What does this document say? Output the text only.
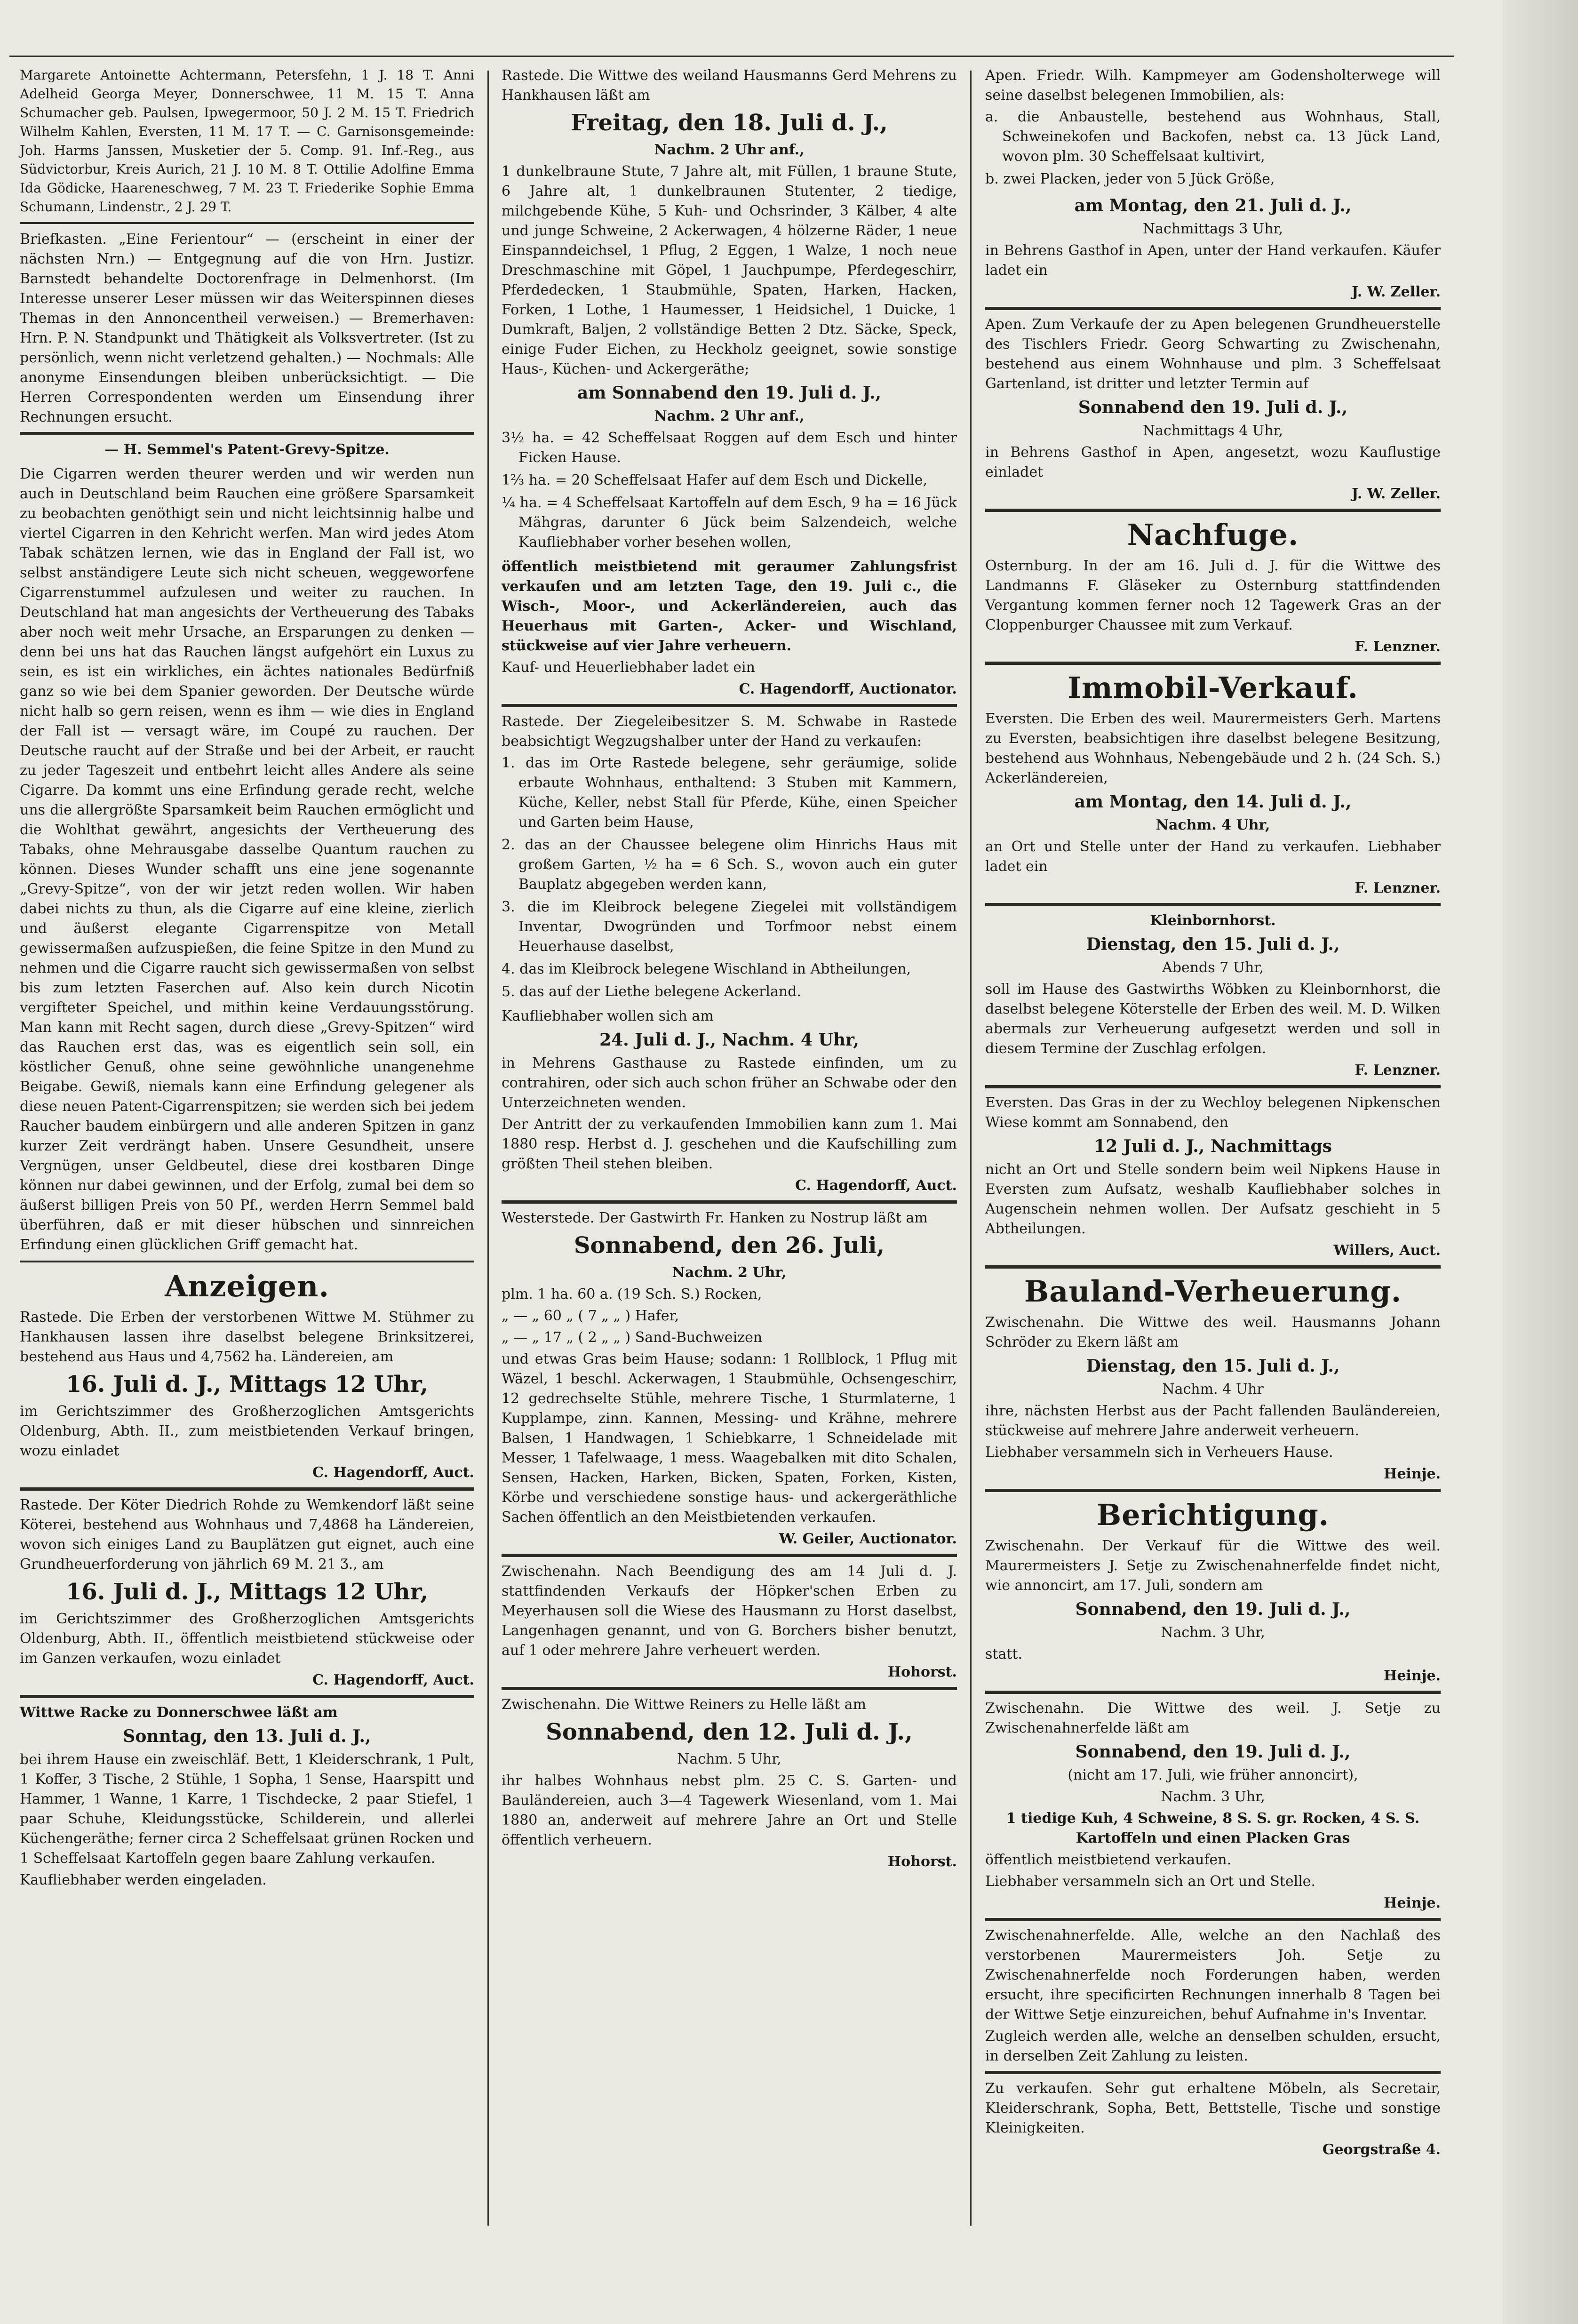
Margarete Antoinette Achtermann, Petersfehn, 1 J. 18 T. Anni Adelheid Georga Meyer, Donnerschwee, 11 M. 15 T. Anna Schumacher geb. Paulsen, Ipwegermoor, 50 J. 2 M. 15 T. Friedrich Wilhelm Kahlen, Eversten, 11 M. 17 T. — C. Garnisonsgemeinde: Joh. Harms Janssen, Musketier der 5. Comp. 91. Inf.-Reg., aus Südvictorbur, Kreis Aurich, 21 J. 10 M. 8 T. Ottilie Adolfine Emma Ida Gödicke, Haareneschweg, 7 M. 23 T. Friederike Sophie Emma Schumann, Lindenstr., 2 J. 29 T.

Briefkasten. „Eine Ferientour“ — (erscheint in einer der nächsten Nrn.) — Entgegnung auf die von Hrn. Justizr. Barnstedt behandelte Doctorenfrage in Delmenhorst. (Im Interesse unserer Leser müssen wir das Weiterspinnen dieses Themas in den Annoncentheil verweisen.) — Bremerhaven: Hrn. P. N. Standpunkt und Thätigkeit als Volksvertreter. (Ist zu persönlich, wenn nicht verletzend gehalten.) — Nochmals: Alle anonyme Einsendungen bleiben unberücksichtigt. — Die Herren Correspondenten werden um Einsendung ihrer Rechnungen ersucht.

— H. Semmel's Patent-Grevy-Spitze.

Die Cigarren werden theurer werden und wir werden nun auch in Deutschland beim Rauchen eine größere Sparsamkeit zu beobachten genöthigt sein und nicht leichtsinnig halbe und viertel Cigarren in den Kehricht werfen. Man wird jedes Atom Tabak schätzen lernen, wie das in England der Fall ist, wo selbst anständigere Leute sich nicht scheuen, weggeworfene Cigarrenstummel aufzulesen und weiter zu rauchen. In Deutschland hat man angesichts der Vertheuerung des Tabaks aber noch weit mehr Ursache, an Ersparungen zu denken — denn bei uns hat das Rauchen längst aufgehört ein Luxus zu sein, es ist ein wirkliches, ein ächtes nationales Bedürfniß ganz so wie bei dem Spanier geworden. Der Deutsche würde nicht halb so gern reisen, wenn es ihm — wie dies in England der Fall ist — versagt wäre, im Coupé zu rauchen. Der Deutsche raucht auf der Straße und bei der Arbeit, er raucht zu jeder Tageszeit und entbehrt leicht alles Andere als seine Cigarre. Da kommt uns eine Erfindung gerade recht, welche uns die allergrößte Sparsamkeit beim Rauchen ermöglicht und die Wohlthat gewährt, angesichts der Vertheuerung des Tabaks, ohne Mehrausgabe dasselbe Quantum rauchen zu können. Dieses Wunder schafft uns eine jene sogenannte „Grevy-Spitze“, von der wir jetzt reden wollen. Wir haben dabei nichts zu thun, als die Cigarre auf eine kleine, zierlich und äußerst elegante Cigarrenspitze von Metall gewissermaßen aufzuspießen, die feine Spitze in den Mund zu nehmen und die Cigarre raucht sich gewissermaßen von selbst bis zum letzten Faserchen auf. Also kein durch Nicotin vergifteter Speichel, und mithin keine Verdauungsstörung. Man kann mit Recht sagen, durch diese „Grevy-Spitzen“ wird das Rauchen erst das, was es eigentlich sein soll, ein köstlicher Genuß, ohne seine gewöhnliche unangenehme Beigabe. Gewiß, niemals kann eine Erfindung gelegener als diese neuen Patent-Cigarrenspitzen; sie werden sich bei jedem Raucher baudem einbürgern und alle anderen Spitzen in ganz kurzer Zeit verdrängt haben. Unsere Gesundheit, unsere Vergnügen, unser Geldbeutel, diese drei kostbaren Dinge können nur dabei gewinnen, und der Erfolg, zumal bei dem so äußerst billigen Preis von 50 Pf., werden Herrn Semmel bald überführen, daß er mit dieser hübschen und sinnreichen Erfindung einen glücklichen Griff gemacht hat.

Anzeigen.

Rastede. Die Erben der verstorbenen Wittwe M. Stühmer zu Hankhausen lassen ihre daselbst belegene Brinksitzerei, bestehend aus Haus und 4,7562 ha. Ländereien, am

16. Juli d. J., Mittags 12 Uhr,

im Gerichtszimmer des Großherzoglichen Amtsgerichts Oldenburg, Abth. II., zum meistbietenden Verkauf bringen, wozu einladet

C. Hagendorff, Auct.

Rastede. Der Köter Diedrich Rohde zu Wemkendorf läßt seine Köterei, bestehend aus Wohnhaus und 7,4868 ha Ländereien, wovon sich einiges Land zu Bauplätzen gut eignet, auch eine Grundheuerforderung von jährlich 69 M. 21 Ʒ., am

16. Juli d. J., Mittags 12 Uhr,

im Gerichtszimmer des Großherzoglichen Amtsgerichts Oldenburg, Abth. II., öffentlich meistbietend stückweise oder im Ganzen verkaufen, wozu einladet

C. Hagendorff, Auct.

Wittwe Racke zu Donnerschwee läßt am

Sonntag, den 13. Juli d. J.,

bei ihrem Hause ein zweischläf. Bett, 1 Kleiderschrank, 1 Pult, 1 Koffer, 3 Tische, 2 Stühle, 1 Sopha, 1 Sense, Haarspitt und Hammer, 1 Wanne, 1 Karre, 1 Tischdecke, 2 paar Stiefel, 1 paar Schuhe, Kleidungsstücke, Schilderein, und allerlei Küchengeräthe; ferner circa 2 Scheffelsaat grünen Rocken und 1 Scheffelsaat Kartoffeln gegen baare Zahlung verkaufen.

Kaufliebhaber werden eingeladen.

Rastede. Die Wittwe des weiland Hausmanns Gerd Mehrens zu Hankhausen läßt am

Freitag, den 18. Juli d. J.,

Nachm. 2 Uhr anf.,

1 dunkelbraune Stute, 7 Jahre alt, mit Füllen, 1 braune Stute, 6 Jahre alt, 1 dunkelbraunen Stutenter, 2 tiedige, milchgebende Kühe, 5 Kuh- und Ochsrinder, 3 Kälber, 4 alte und junge Schweine, 2 Ackerwagen, 4 hölzerne Räder, 1 neue Einspanndeichsel, 1 Pflug, 2 Eggen, 1 Walze, 1 noch neue Dreschmaschine mit Göpel, 1 Jauchpumpe, Pferdegeschirr, Pferdedecken, 1 Staubmühle, Spaten, Harken, Hacken, Forken, 1 Lothe, 1 Haumesser, 1 Heidsichel, 1 Duicke, 1 Dumkraft, Baljen, 2 vollständige Betten 2 Dtz. Säcke, Speck, einige Fuder Eichen, zu Heckholz geeignet, sowie sonstige Haus-, Küchen- und Ackergeräthe;

am Sonnabend den 19. Juli d. J.,

Nachm. 2 Uhr anf.,

3½ ha. = 42 Scheffelsaat Roggen auf dem Esch und hinter Ficken Hause.
1⅔ ha. = 20 Scheffelsaat Hafer auf dem Esch und Dickelle,
¼ ha. = 4 Scheffelsaat Kartoffeln auf dem Esch, 9 ha = 16 Jück Mähgras, darunter 6 Jück beim Salzendeich, welche Kaufliebhaber vorher besehen wollen,

öffentlich meistbietend mit geraumer Zahlungsfrist verkaufen und am letzten Tage, den 19. Juli c., die Wisch-, Moor-, und Ackerländereien, auch das Heuerhaus mit Garten-, Acker- und Wischland, stückweise auf vier Jahre verheuern.

Kauf- und Heuerliebhaber ladet ein

C. Hagendorff, Auctionator.

Rastede. Der Ziegeleibesitzer S. M. Schwabe in Rastede beabsichtigt Wegzugshalber unter der Hand zu verkaufen:

1. das im Orte Rastede belegene, sehr geräumige, solide erbaute Wohnhaus, enthaltend: 3 Stuben mit Kammern, Küche, Keller, nebst Stall für Pferde, Kühe, einen Speicher und Garten beim Hause,
2. das an der Chaussee belegene olim Hinrichs Haus mit großem Garten, ½ ha = 6 Sch. S., wovon auch ein guter Bauplatz abgegeben werden kann,
3. die im Kleibrock belegene Ziegelei mit vollständigem Inventar, Dwogründen und Torfmoor nebst einem Heuerhause daselbst,
4. das im Kleibrock belegene Wischland in Abtheilungen,
5. das auf der Liethe belegene Ackerland.

Kaufliebhaber wollen sich am

24. Juli d. J., Nachm. 4 Uhr,

in Mehrens Gasthause zu Rastede einfinden, um zu contrahiren, oder sich auch schon früher an Schwabe oder den Unterzeichneten wenden.

Der Antritt der zu verkaufenden Immobilien kann zum 1. Mai 1880 resp. Herbst d. J. geschehen und die Kaufschilling zum größten Theil stehen bleiben.

C. Hagendorff, Auct.

Westerstede. Der Gastwirth Fr. Hanken zu Nostrup läßt am

Sonnabend, den 26. Juli,

Nachm. 2 Uhr,

plm. 1 ha. 60 a. (19 Sch. S.) Rocken,

„ — „ 60 „ ( 7 „ „ ) Hafer,

„ — „ 17 „ ( 2 „ „ ) Sand-Buchweizen

und etwas Gras beim Hause; sodann: 1 Rollblock, 1 Pflug mit Wäzel, 1 beschl. Ackerwagen, 1 Staubmühle, Ochsengeschirr, 12 gedrechselte Stühle, mehrere Tische, 1 Sturmlaterne, 1 Kupplampe, zinn. Kannen, Messing- und Krähne, mehrere Balsen, 1 Handwagen, 1 Schiebkarre, 1 Schneidelade mit Messer, 1 Tafelwaage, 1 mess. Waagebalken mit dito Schalen, Sensen, Hacken, Harken, Bicken, Spaten, Forken, Kisten, Körbe und verschiedene sonstige haus- und ackergeräthliche Sachen öffentlich an den Meistbietenden verkaufen.

W. Geiler, Auctionator.

Zwischenahn. Nach Beendigung des am 14 Juli d. J. stattfindenden Verkaufs der Höpker'schen Erben zu Meyerhausen soll die Wiese des Hausmann zu Horst daselbst, Langenhagen genannt, und von G. Borchers bisher benutzt, auf 1 oder mehrere Jahre verheuert werden.

Hohorst.

Zwischenahn. Die Wittwe Reiners zu Helle läßt am

Sonnabend, den 12. Juli d. J.,

Nachm. 5 Uhr,

ihr halbes Wohnhaus nebst plm. 25 C. S. Garten- und Bauländereien, auch 3—4 Tagewerk Wiesenland, vom 1. Mai 1880 an, anderweit auf mehrere Jahre an Ort und Stelle öffentlich verheuern.

Hohorst.

Apen. Friedr. Wilh. Kampmeyer am Godensholterwege will seine daselbst belegenen Immobilien, als:

a. die Anbaustelle, bestehend aus Wohnhaus, Stall, Schweinekofen und Backofen, nebst ca. 13 Jück Land, wovon plm. 30 Scheffelsaat kultivirt,
b. zwei Placken, jeder von 5 Jück Größe,
am Montag, den 21. Juli d. J.,

Nachmittags 3 Uhr,

in Behrens Gasthof in Apen, unter der Hand verkaufen. Käufer ladet ein

J. W. Zeller.

Apen. Zum Verkaufe der zu Apen belegenen Grundheuerstelle des Tischlers Friedr. Georg Schwarting zu Zwischenahn, bestehend aus einem Wohnhause und plm. 3 Scheffelsaat Gartenland, ist dritter und letzter Termin auf

Sonnabend den 19. Juli d. J.,

Nachmittags 4 Uhr,

in Behrens Gasthof in Apen, angesetzt, wozu Kauflustige einladet

J. W. Zeller.

Nachfuge.

Osternburg. In der am 16. Juli d. J. für die Wittwe des Landmanns F. Gläseker zu Osternburg stattfindenden Vergantung kommen ferner noch 12 Tagewerk Gras an der Cloppenburger Chaussee mit zum Verkauf.

F. Lenzner.

Immobil-Verkauf.

Eversten. Die Erben des weil. Maurermeisters Gerh. Martens zu Eversten, beabsichtigen ihre daselbst belegene Besitzung, bestehend aus Wohnhaus, Nebengebäude und 2 h. (24 Sch. S.) Ackerländereien,

am Montag, den 14. Juli d. J.,

Nachm. 4 Uhr,

an Ort und Stelle unter der Hand zu verkaufen. Liebhaber ladet ein

F. Lenzner.

Kleinbornhorst.

Dienstag, den 15. Juli d. J.,

Abends 7 Uhr,

soll im Hause des Gastwirths Wöbken zu Kleinbornhorst, die daselbst belegene Köterstelle der Erben des weil. M. D. Wilken abermals zur Verheuerung aufgesetzt werden und soll in diesem Termine der Zuschlag erfolgen.

F. Lenzner.

Eversten. Das Gras in der zu Wechloy belegenen Nipkenschen Wiese kommt am Sonnabend, den

12 Juli d. J., Nachmittags

nicht an Ort und Stelle sondern beim weil Nipkens Hause in Eversten zum Aufsatz, weshalb Kaufliebhaber solches in Augenschein nehmen wollen. Der Aufsatz geschieht in 5 Abtheilungen.

Willers, Auct.

Bauland-Verheuerung.

Zwischenahn. Die Wittwe des weil. Hausmanns Johann Schröder zu Ekern läßt am

Dienstag, den 15. Juli d. J.,

Nachm. 4 Uhr

ihre, nächsten Herbst aus der Pacht fallenden Bauländereien, stückweise auf mehrere Jahre anderweit verheuern.

Liebhaber versammeln sich in Verheuers Hause.

Heinje.

Berichtigung.

Zwischenahn. Der Verkauf für die Wittwe des weil. Maurermeisters J. Setje zu Zwischenahnerfelde findet nicht, wie annoncirt, am 17. Juli, sondern am

Sonnabend, den 19. Juli d. J.,

Nachm. 3 Uhr,

statt.

Heinje.

Zwischenahn. Die Wittwe des weil. J. Setje zu Zwischenahnerfelde läßt am

Sonnabend, den 19. Juli d. J.,

(nicht am 17. Juli, wie früher annoncirt),

Nachm. 3 Uhr,

1 tiedige Kuh, 4 Schweine, 8 S. S. gr. Rocken, 4 S. S. Kartoffeln und einen Placken Gras

öffentlich meistbietend verkaufen.

Liebhaber versammeln sich an Ort und Stelle.

Heinje.

Zwischenahnerfelde. Alle, welche an den Nachlaß des verstorbenen Maurermeisters Joh. Setje zu Zwischenahnerfelde noch Forderungen haben, werden ersucht, ihre specificirten Rechnungen innerhalb 8 Tagen bei der Wittwe Setje einzureichen, behuf Aufnahme in's Inventar.

Zugleich werden alle, welche an denselben schulden, ersucht, in derselben Zeit Zahlung zu leisten.

Zu verkaufen. Sehr gut erhaltene Möbeln, als Secretair, Kleiderschrank, Sopha, Bett, Bettstelle, Tische und sonstige Kleinigkeiten.

Georgstraße 4.
